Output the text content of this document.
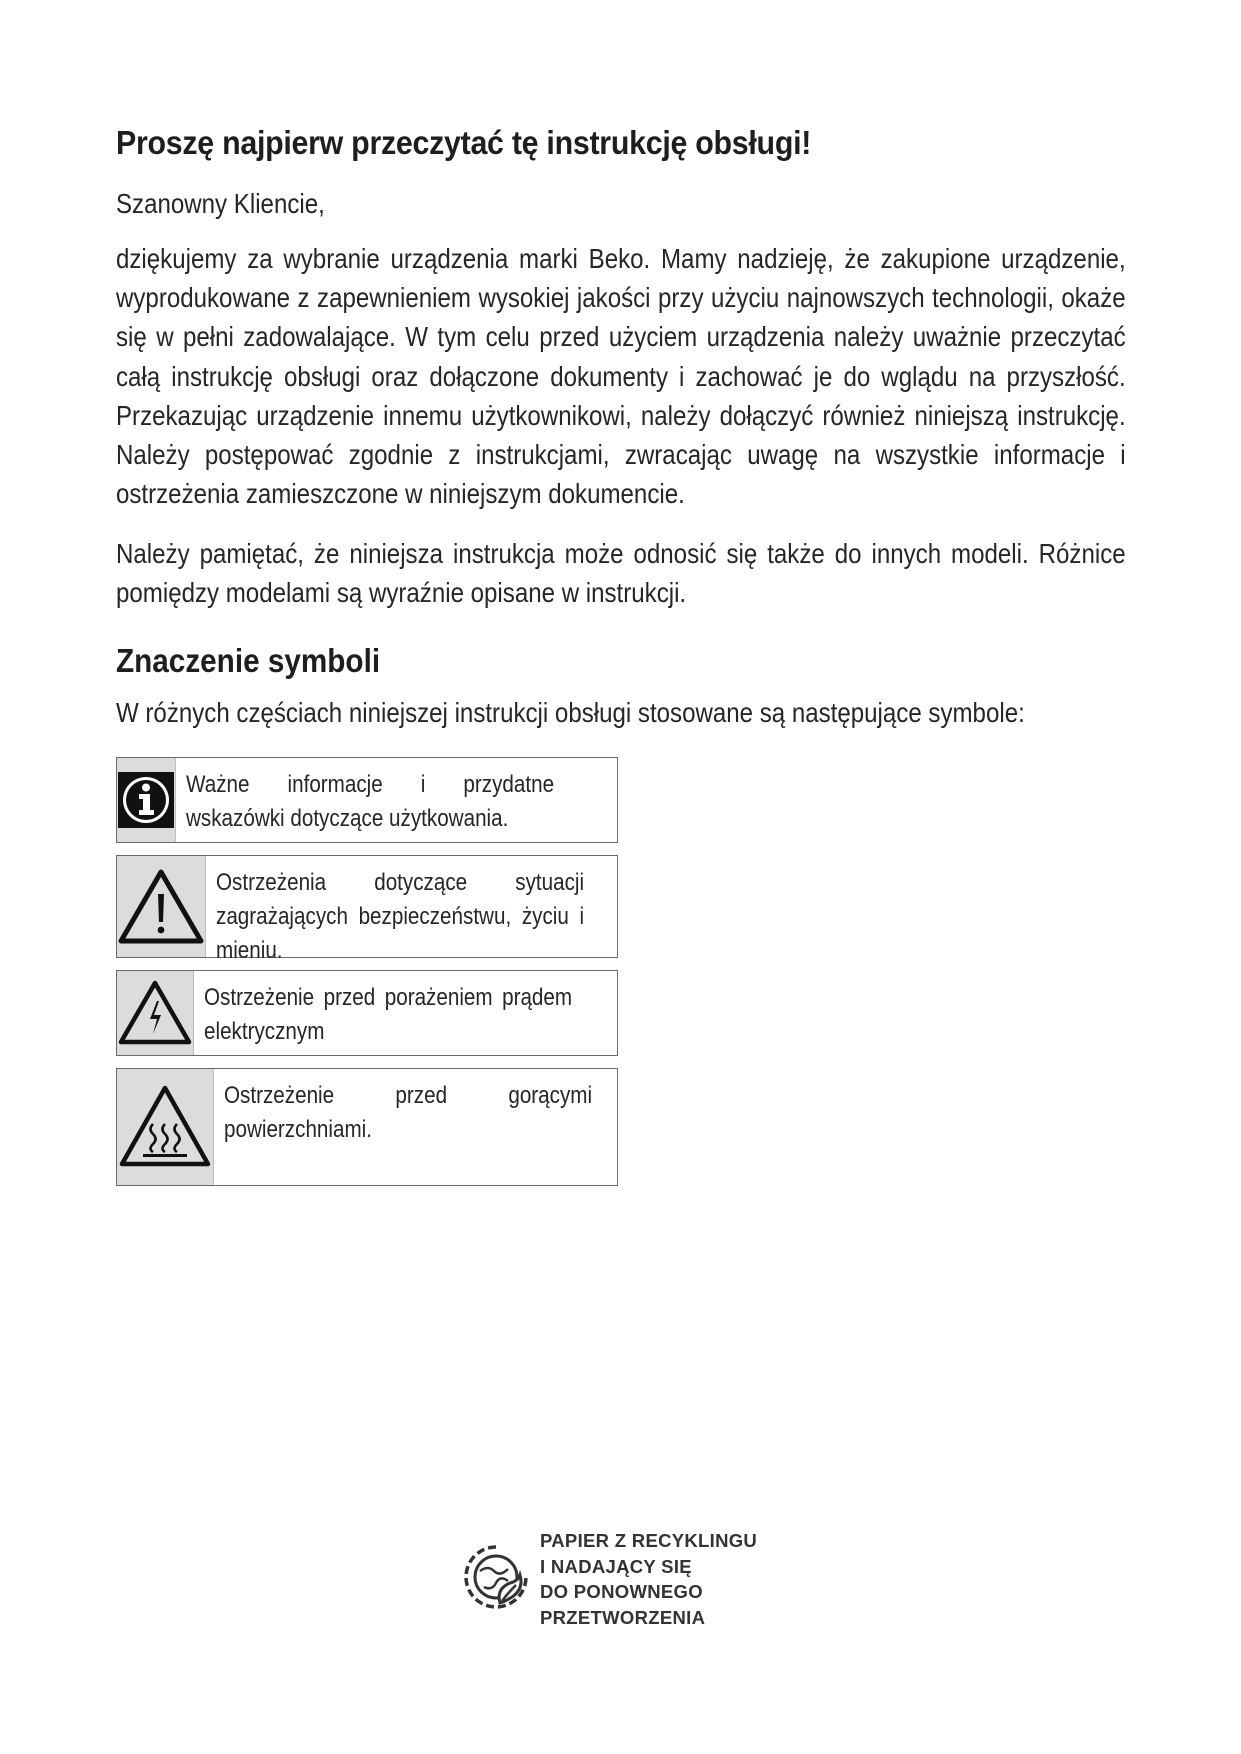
Proszę najpierw przeczytać tę instrukcję obsługi!

Szanowny Kliencie,

dziękujemy za wybranie urządzenia marki Beko. Mamy nadzieję, że zakupione urządzenie, wyprodukowane z zapewnieniem wysokiej jakości przy użyciu najnowszych technologii, okaże się w pełni zadowalające. W tym celu przed użyciem urządzenia należy uważnie przeczytać całą instrukcję obsługi oraz dołączone dokumenty i zachować je do wglądu na przyszłość. Przekazując urządzenie innemu użytkownikowi, należy dołączyć również niniejszą instrukcję. Należy postępować zgodnie z instrukcjami, zwracając uwagę na wszystkie informacje i ostrzeżenia zamieszczone w niniejszym dokumencie.

Należy pamiętać, że niniejsza instrukcja może odnosić się także do innych modeli. Różnice pomiędzy modelami są wyraźnie opisane w instrukcji.

Znaczenie symboli

W różnych częściach niniejszej instrukcji obsługi stosowane są następujące symbole:

Ważne informacje i przydatne wskazówki dotyczące użytkowania.
Ostrzeżenia dotyczące sytuacji zagrażających bezpieczeństwu, życiu i mieniu.
Ostrzeżenie przed porażeniem prądem elektrycznym
Ostrzeżenie przed gorącymi powierzchniami.
PAPIER Z RECYKLINGU
I NADAJĄCY SIĘ
DO PONOWNEGO
PRZETWORZENIA
